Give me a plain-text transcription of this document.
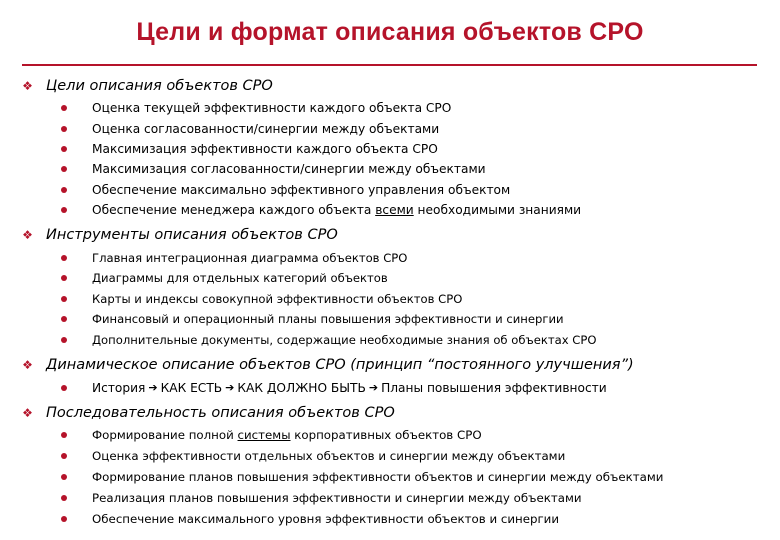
Цели и формат описания объектов СРО
❖ Цели описания объектов СРО
Оценка текущей эффективности каждого объекта СРО
Оценка согласованности/синергии между объектами
Максимизация эффективности каждого объекта СРО
Максимизация согласованности/синергии между объектами
Обеспечение максимально эффективного управления объектом
Обеспечение менеджера каждого объекта всеми необходимыми знаниями
❖ Инструменты описания объектов СРО
Главная интеграционная диаграмма объектов СРО
Диаграммы для отдельных категорий объектов
Карты и индексы совокупной эффективности объектов СРО
Финансовый и операционный планы повышения эффективности и синергии
Дополнительные документы, содержащие необходимые знания об объектах СРО
❖ Динамическое описание объектов СРО (принцип “постоянного улучшения”)
История ➔ КАК ЕСТЬ ➔ КАК ДОЛЖНО БЫТЬ ➔ Планы повышения эффективности
❖ Последовательность описания объектов СРО
Формирование полной системы корпоративных объектов СРО
Оценка эффективности отдельных объектов и синергии между объектами
Формирование планов повышения эффективности объектов и синергии между объектами
Реализация планов повышения эффективности и синергии между объектами
Обеспечение максимального уровня эффективности объектов и синергии
